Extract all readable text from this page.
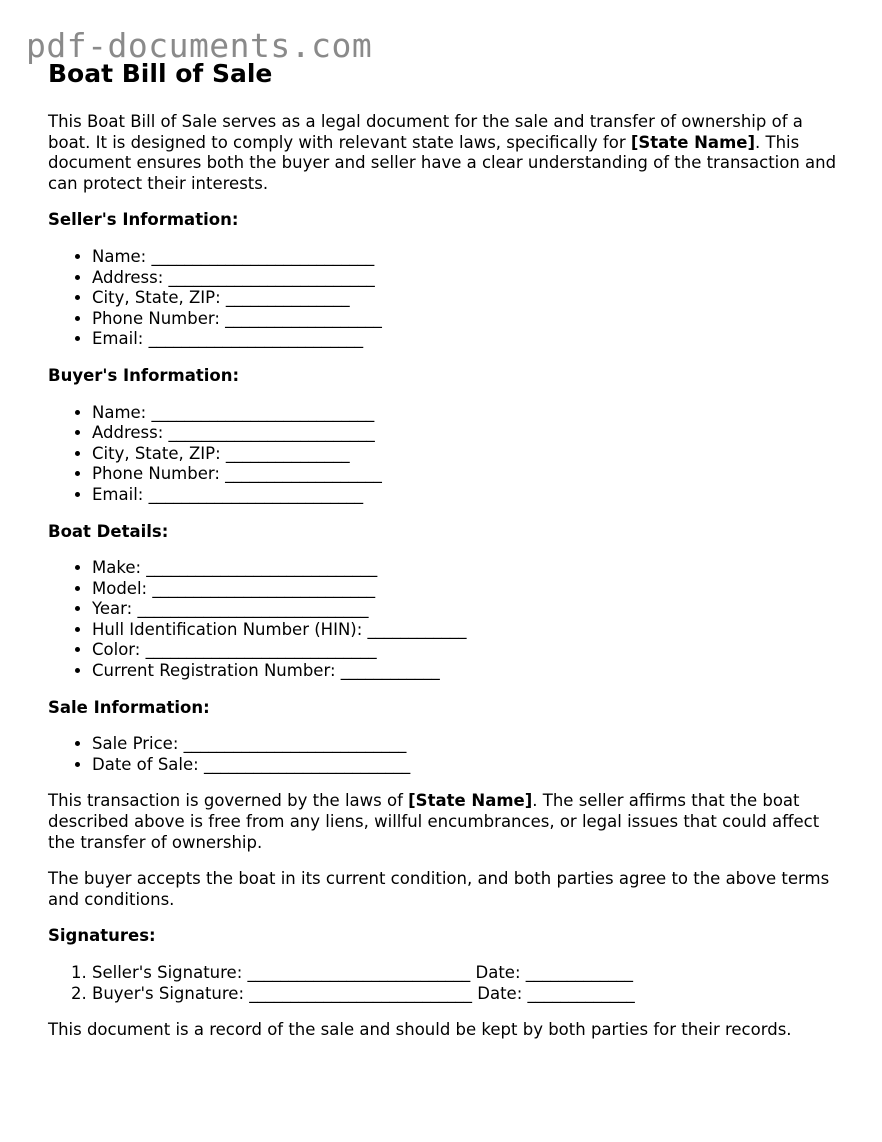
pdf-documents.com
Boat Bill of Sale

This Boat Bill of Sale serves as a legal document for the sale and transfer of ownership of a boat. It is designed to comply with relevant state laws, specifically for [State Name]. This document ensures both the buyer and seller have a clear understanding of the transaction and can protect their interests.

Seller's Information:
• Name: ___________________________
• Address: _________________________
• City, State, ZIP: _______________
• Phone Number: ___________________
• Email: __________________________
Buyer's Information:
• Name: ___________________________
• Address: _________________________
• City, State, ZIP: _______________
• Phone Number: ___________________
• Email: __________________________
Boat Details:
• Make: ____________________________
• Model: ___________________________
• Year: ____________________________
• Hull Identification Number (HIN): ____________
• Color: ____________________________
• Current Registration Number: ____________
Sale Information:
• Sale Price: ___________________________
• Date of Sale: _________________________

This transaction is governed by the laws of [State Name]. The seller affirms that the boat described above is free from any liens, willful encumbrances, or legal issues that could affect the transfer of ownership.

The buyer accepts the boat in its current condition, and both parties agree to the above terms and conditions.

Signatures:
1. Seller's Signature: ___________________________ Date: _____________
2. Buyer's Signature: ___________________________ Date: _____________

This document is a record of the sale and should be kept by both parties for their records.
